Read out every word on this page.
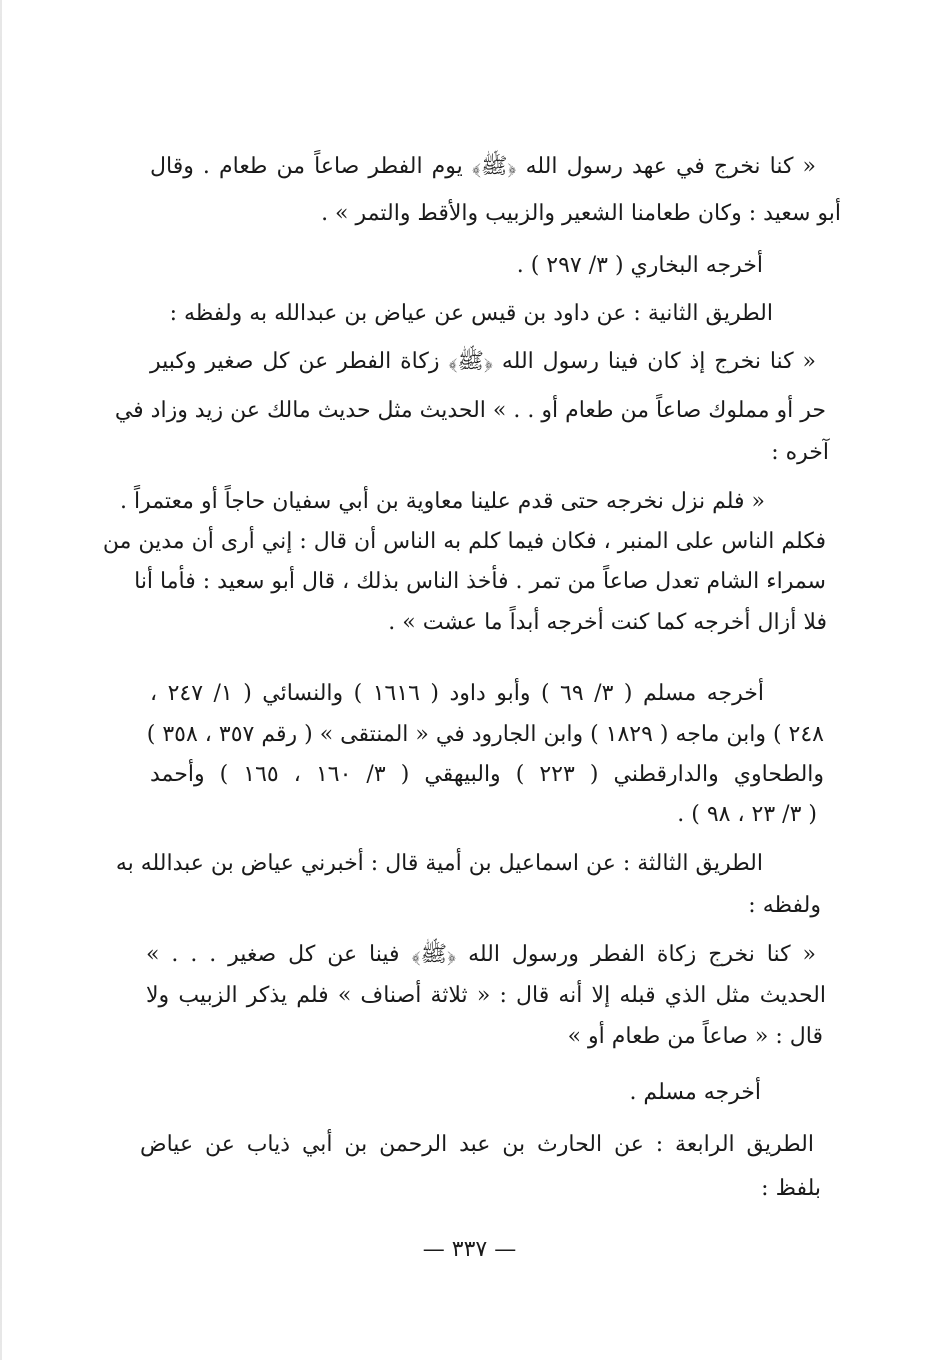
« كنا نخرج في عهد رسول الله ﴿ﷺ﴾ يوم الفطر صاعاً من طعام . وقال
أبو سعيد : وكان طعامنا الشعير والزبيب والأقط والتمر » .
أخرجه البخاري ( ٣/ ٢٩٧ ) .
الطريق الثانية : عن داود بن قيس عن عياض بن عبدالله به ولفظه :
« كنا نخرج إذ كان فينا رسول الله ﴿ﷺ﴾ زكاة الفطر عن كل صغير وكبير
حر أو مملوك صاعاً من طعام أو . . » الحديث مثل حديث مالك عن زيد وزاد في
آخره :
« فلم نزل نخرجه حتى قدم علينا معاوية بن أبي سفيان حاجاً أو معتمراً .
فكلم الناس على المنبر ، فكان فيما كلم به الناس أن قال : إني أرى أن مدين من
سمراء الشام تعدل صاعاً من تمر . فأخذ الناس بذلك ، قال أبو سعيد : فأما أنا
فلا أزال أخرجه كما كنت أخرجه أبداً ما عشت » .
أخرجه مسلم ( ٣/ ٦٩ ) وأبو داود ( ١٦١٦ ) والنسائي ( ١/ ٢٤٧ ،
٢٤٨ ) وابن ماجه ( ١٨٢٩ ) وابن الجارود في « المنتقى » ( رقم ٣٥٧ ، ٣٥٨ )
والطحاوي والدارقطني ( ٢٢٣ ) والبيهقي ( ٣/ ١٦٠ ، ١٦٥ ) وأحمد
( ٣/ ٢٣ ، ٩٨ ) .
الطريق الثالثة : عن اسماعيل بن أمية قال : أخبرني عياض بن عبدالله به
ولفظه :
« كنا نخرج زكاة الفطر ورسول الله ﴿ﷺ﴾ فينا عن كل صغير . . . »
الحديث مثل الذي قبله إلا أنه قال : « ثلاثة أصناف » فلم يذكر الزبيب ولا
قال : « صاعاً من طعام أو »
أخرجه مسلم .
الطريق الرابعة : عن الحارث بن عبد الرحمن بن أبي ذياب عن عياض
بلفظ :
— ٣٣٧ —
